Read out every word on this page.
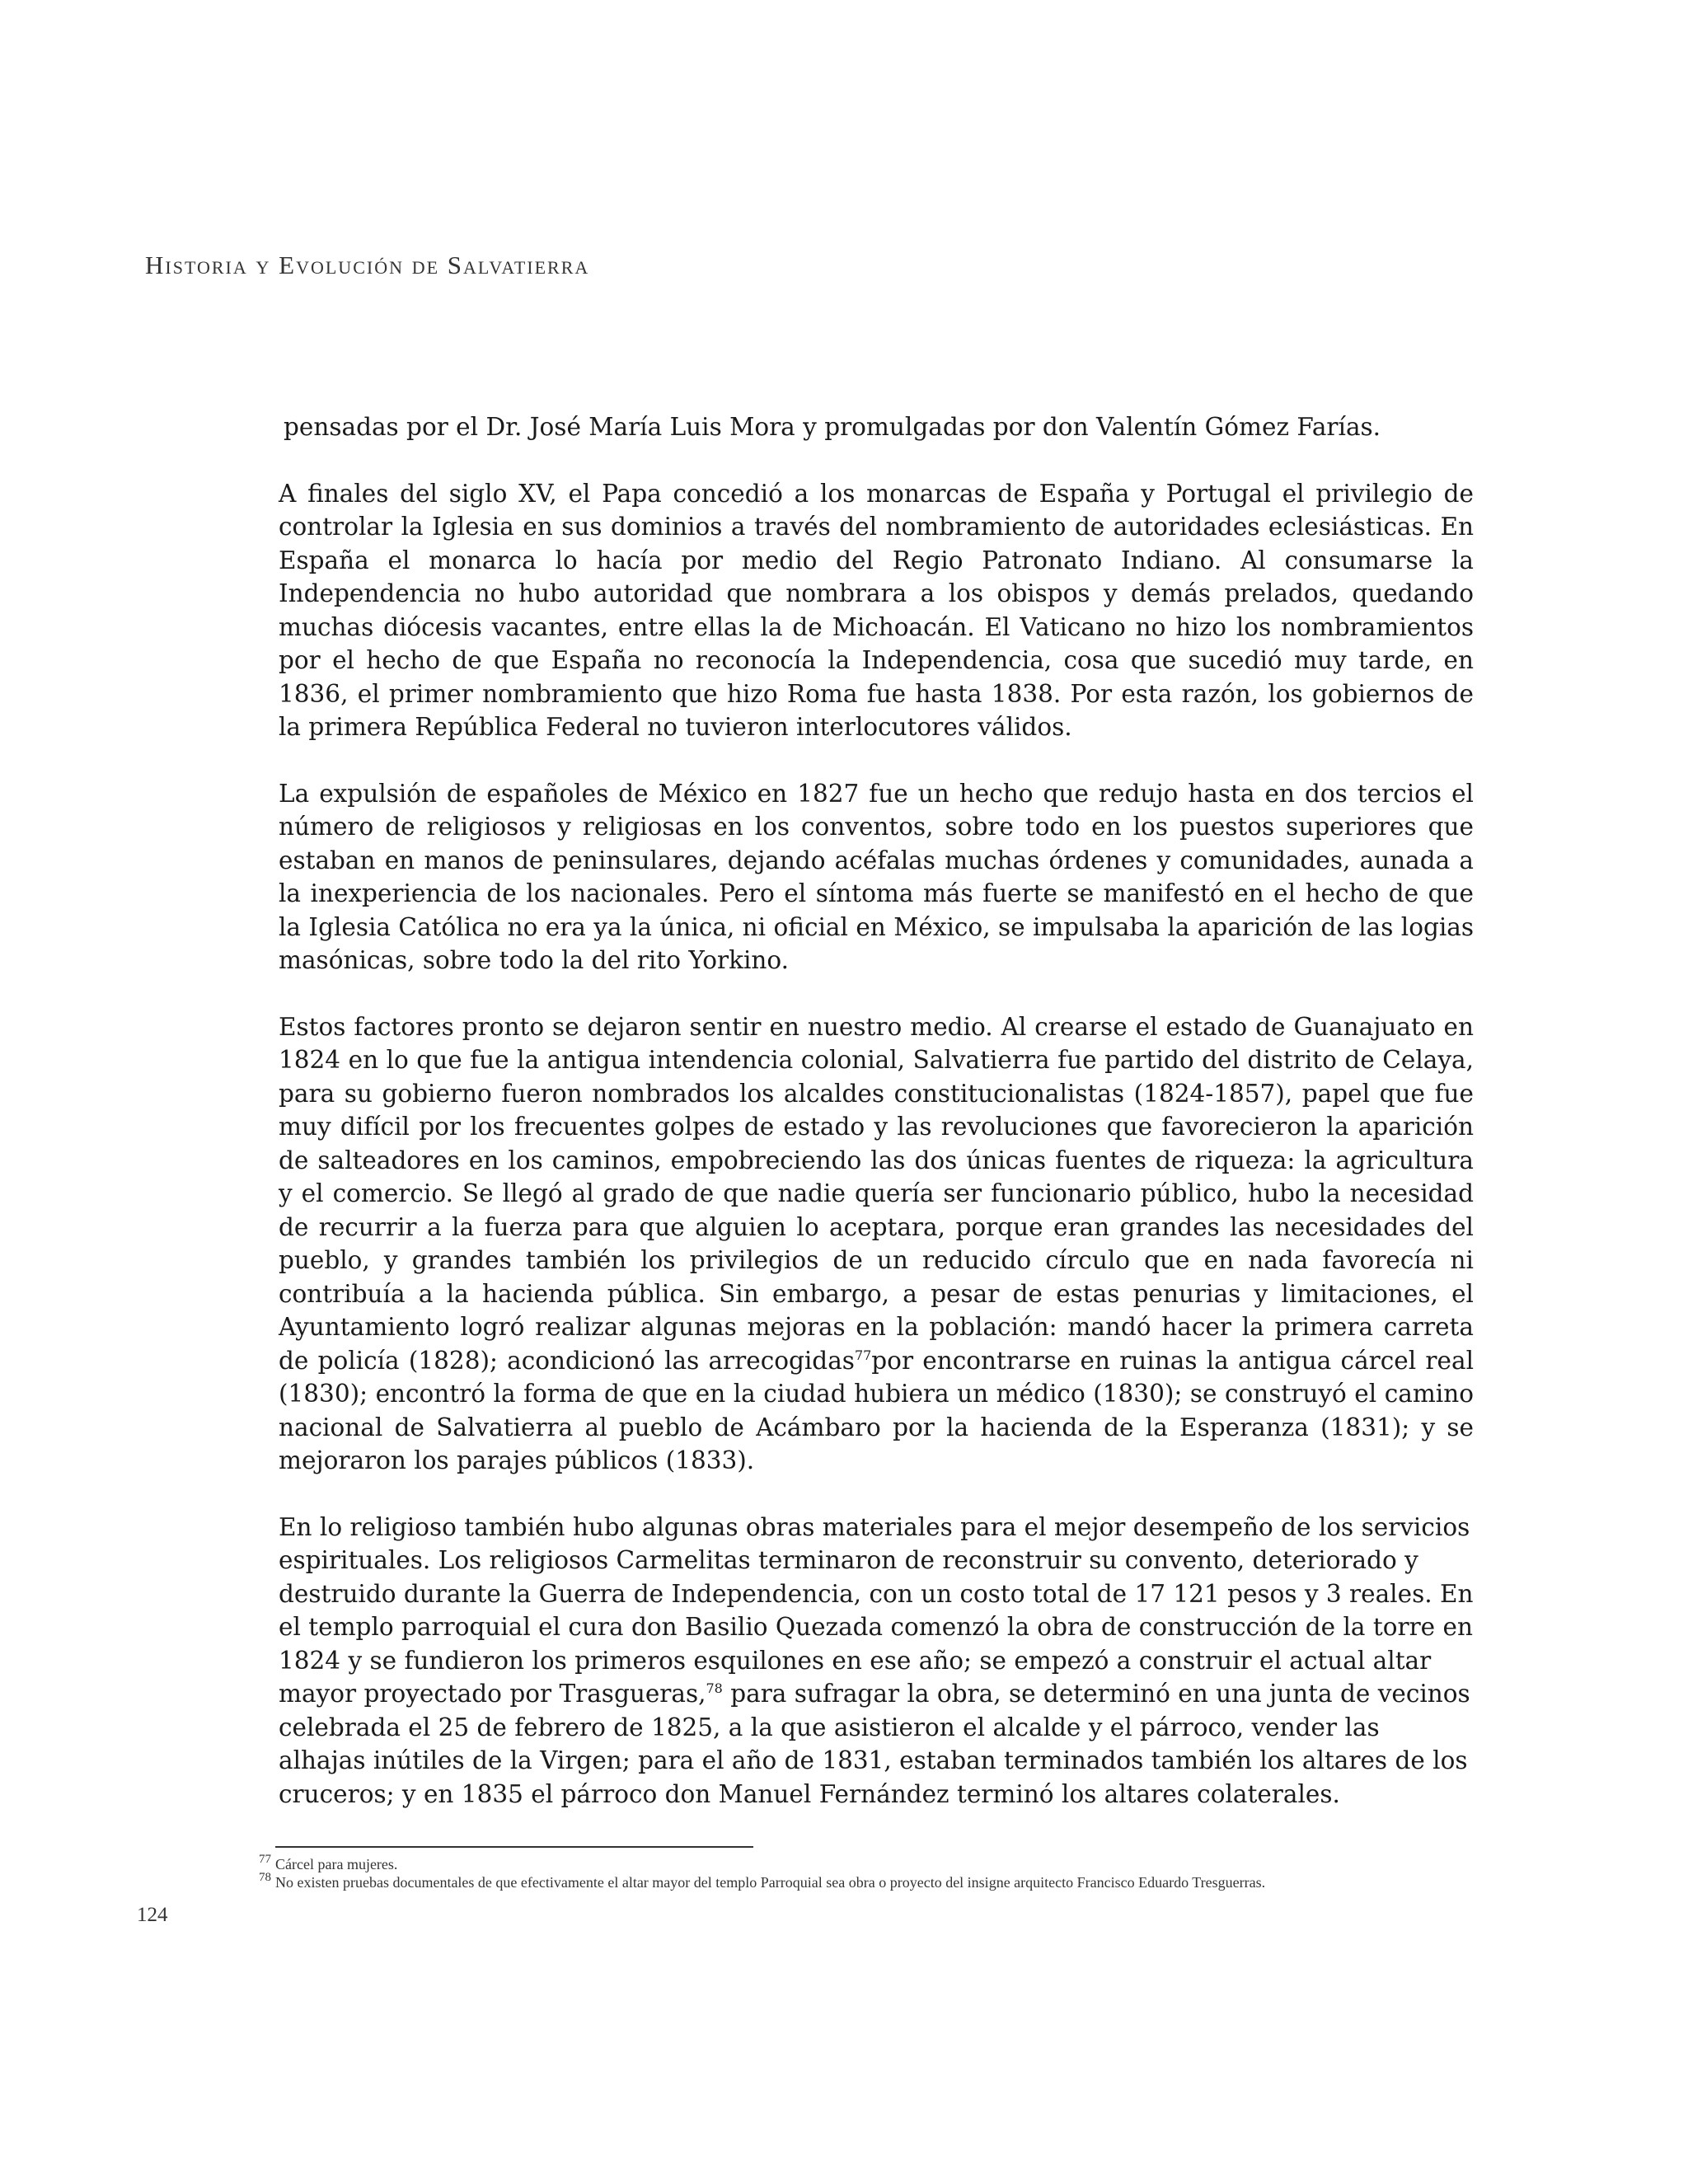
Historia y Evolución de Salvatierra

pensadas por el Dr. José María Luis Mora y promulgadas por don Valentín Gómez Farías.

A finales del siglo XV, el Papa concedió a los monarcas de España y Portugal el privilegio de controlar la Iglesia en sus dominios a través del nombramiento de autoridades eclesiásticas. En España el monarca lo hacía por medio del Regio Patronato Indiano. Al consumarse la Independencia no hubo autoridad que nombrara a los obispos y demás prelados, quedando muchas diócesis vacantes, entre ellas la de Michoacán. El Vaticano no hizo los nombramientos por el hecho de que España no reconocía la Independencia, cosa que sucedió muy tarde, en 1836, el primer nombramiento que hizo Roma fue hasta 1838. Por esta razón, los gobiernos de la primera República Federal no tuvieron interlocutores válidos.

La expulsión de españoles de México en 1827 fue un hecho que redujo hasta en dos tercios el número de religiosos y religiosas en los conventos, sobre todo en los puestos superiores que estaban en manos de peninsulares, dejando acéfalas muchas órdenes y comunidades, aunada a la inexperiencia de los nacionales. Pero el síntoma más fuerte se manifestó en el hecho de que la Iglesia Católica no era ya la única, ni oficial en México, se impulsaba la aparición de las logias masónicas, sobre todo la del rito Yorkino.

Estos factores pronto se dejaron sentir en nuestro medio. Al crearse el estado de Guanajuato en 1824 en lo que fue la antigua intendencia colonial, Salvatierra fue partido del distrito de Celaya, para su gobierno fueron nombrados los alcaldes constitucionalistas (1824-1857), papel que fue muy difícil por los frecuentes golpes de estado y las revoluciones que favorecieron la aparición de salteadores en los caminos, empobreciendo las dos únicas fuentes de riqueza: la agricultura y el comercio. Se llegó al grado de que nadie quería ser funcionario público, hubo la necesidad de recurrir a la fuerza para que alguien lo aceptara, porque eran grandes las necesidades del pueblo, y grandes también los privilegios de un reducido círculo que en nada favorecía ni contribuía a la hacienda pública. Sin embargo, a pesar de estas penurias y limitaciones, el Ayuntamiento logró realizar algunas mejoras en la población: mandó hacer la primera carreta de policía (1828); acondicionó las arrecogidas$^{77}$por encontrarse en ruinas la antigua cárcel real (1830); encontró la forma de que en la ciudad hubiera un médico (1830); se construyó el camino nacional de Salvatierra al pueblo de Acámbaro por la hacienda de la Esperanza (1831); y se mejoraron los parajes públicos (1833).

En lo religioso también hubo algunas obras materiales para el mejor desempeño de los servicios espirituales. Los religiosos Carmelitas terminaron de reconstruir su convento, deteriorado y destruido durante la Guerra de Independencia, con un costo total de 17 121 pesos y 3 reales. En el templo parroquial el cura don Basilio Quezada comenzó la obra de construcción de la torre en 1824 y se fundieron los primeros esquilones en ese año; se empezó a construir el actual altar mayor proyectado por Trasgueras,$^{78}$ para sufragar la obra, se determinó en una junta de vecinos celebrada el 25 de febrero de 1825, a la que asistieron el alcalde y el párroco, vender las alhajas inútiles de la Virgen; para el año de 1831, estaban terminados también los altares de los cruceros; y en 1835 el párroco don Manuel Fernández terminó los altares colaterales.

77 Cárcel para mujeres.
78 No existen pruebas documentales de que efectivamente el altar mayor del templo Parroquial sea obra o proyecto del insigne arquitecto Francisco Eduardo Tresguerras.
124
